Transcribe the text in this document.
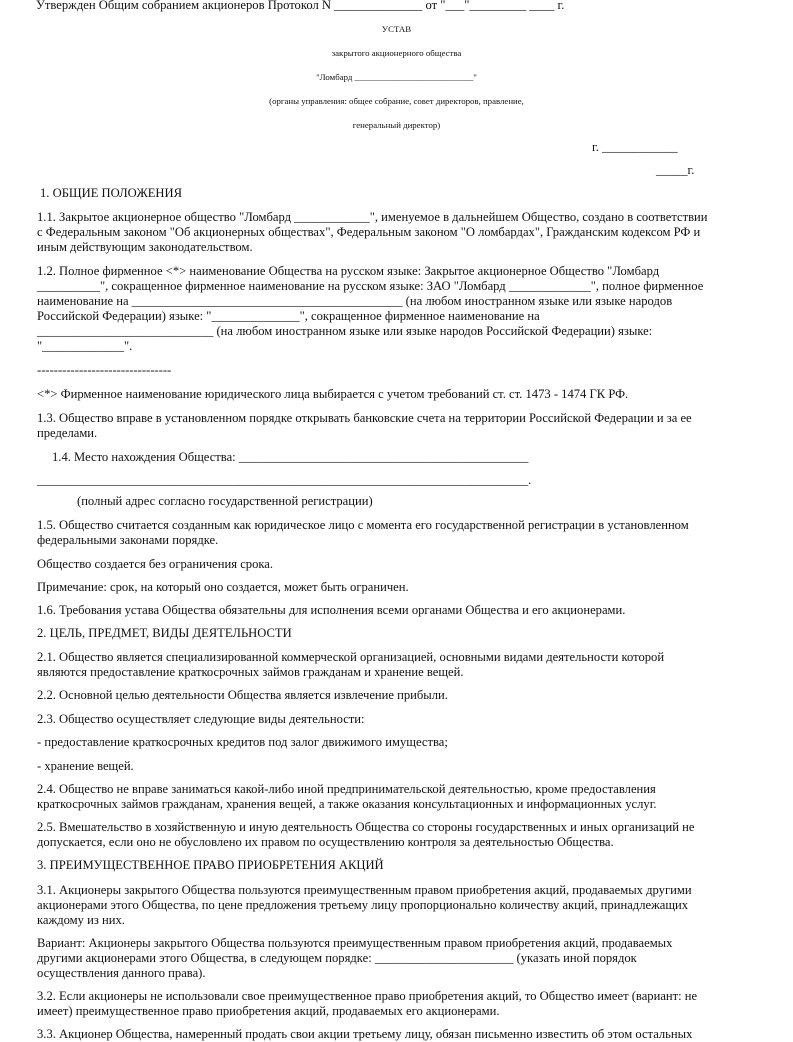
Утвержден Общим собранием акционеров Протокол N ______________ от "___"_________ ____ г.
УСТАВ
закрытого акционерного общества
"Ломбард ___________________________"
(органы управления: общее собрание, совет директоров, правление,
генеральный директор)
г. ____________
_____г.
1. ОБЩИЕ ПОЛОЖЕНИЯ
1.1. Закрытое акционерное общество "Ломбард ____________", именуемое в дальнейшем Общество, создано в соответствии
с Федеральным законом "Об акционерных обществах", Федеральным законом "О ломбардах", Гражданским кодексом РФ и
иным действующим законодательством.
1.2. Полное фирменное <*> наименование Общества на русском языке: Закрытое акционерное Общество "Ломбард
__________", сокращенное фирменное наименование на русском языке: ЗАО "Ломбард _____________", полное фирменное
наименование на ___________________________________________ (на любом иностранном языке или языке народов
Российской Федерации) языке: "______________", сокращенное фирменное наименование на
____________________________ (на любом иностранном языке или языке народов Российской Федерации) языке:
"_____________".
--------------------------------
<*> Фирменное наименование юридического лица выбирается с учетом требований ст. ст. 1473 - 1474 ГК РФ.
1.3. Общество вправе в установленном порядке открывать банковские счета на территории Российской Федерации и за ее
пределами.
1.4. Место нахождения Общества: ______________________________________________
______________________________________________________________________________.
(полный адрес согласно государственной регистрации)
1.5. Общество считается созданным как юридическое лицо с момента его государственной регистрации в установленном
федеральными законами порядке.
Общество создается без ограничения срока.
Примечание: срок, на который оно создается, может быть ограничен.
1.6. Требования устава Общества обязательны для исполнения всеми органами Общества и его акционерами.
2. ЦЕЛЬ, ПРЕДМЕТ, ВИДЫ ДЕЯТЕЛЬНОСТИ
2.1. Общество является специализированной коммерческой организацией, основными видами деятельности которой
являются предоставление краткосрочных займов гражданам и хранение вещей.
2.2. Основной целью деятельности Общества является извлечение прибыли.
2.3. Общество осуществляет следующие виды деятельности:
- предоставление краткосрочных кредитов под залог движимого имущества;
- хранение вещей.
2.4. Общество не вправе заниматься какой-либо иной предпринимательской деятельностью, кроме предоставления
краткосрочных займов гражданам, хранения вещей, а также оказания консультационных и информационных услуг.
2.5. Вмешательство в хозяйственную и иную деятельность Общества со стороны государственных и иных организаций не
допускается, если оно не обусловлено их правом по осуществлению контроля за деятельностью Общества.
3. ПРЕИМУЩЕСТВЕННОЕ ПРАВО ПРИОБРЕТЕНИЯ АКЦИЙ
3.1. Акционеры закрытого Общества пользуются преимущественным правом приобретения акций, продаваемых другими
акционерами этого Общества, по цене предложения третьему лицу пропорционально количеству акций, принадлежащих
каждому из них.
Вариант: Акционеры закрытого Общества пользуются преимущественным правом приобретения акций, продаваемых
другими акционерами этого Общества, в следующем порядке: ______________________ (указать иной порядок
осуществления данного права).
3.2. Если акционеры не использовали свое преимущественное право приобретения акций, то Общество имеет (вариант: не
имеет) преимущественное право приобретения акций, продаваемых его акционерами.
3.3. Акционер Общества, намеренный продать свои акции третьему лицу, обязан письменно известить об этом остальных
